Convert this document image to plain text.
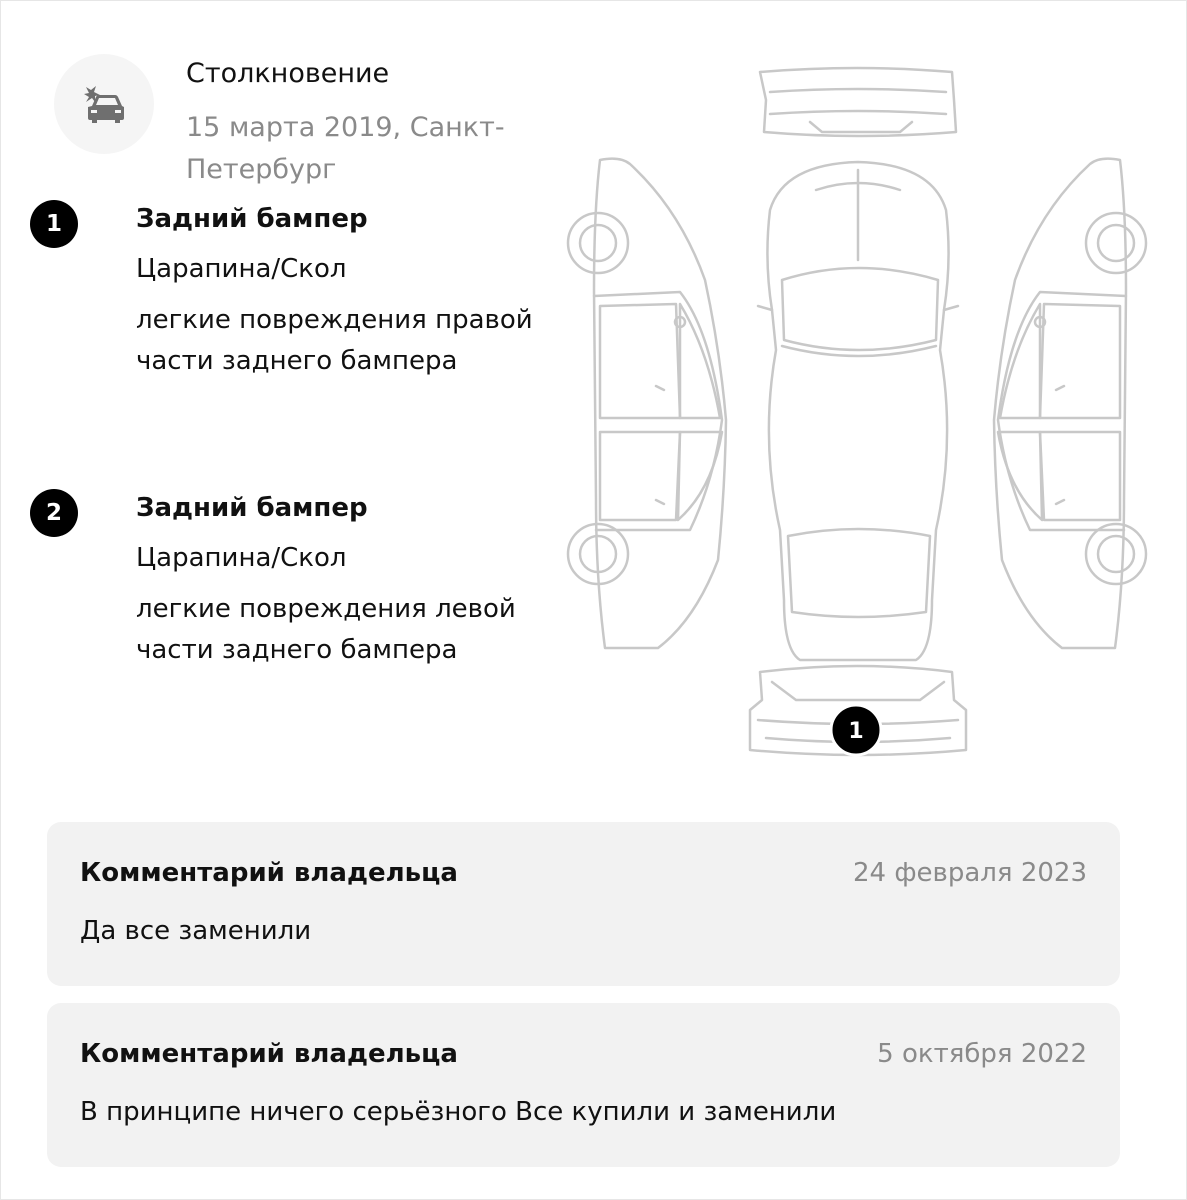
Столкновение
15 марта 2019, Санкт-Петербург
1	Задний бампер
Царапина/Скол
легкие повреждения правой части заднего бампера
2	Задний бампер
Царапина/Скол
легкие повреждения левой части заднего бампера
1
Комментарий владельца	24 февраля 2023
Да все заменили
Комментарий владельца	5 октября 2022
В принципе ничего серьёзного Все купили и заменили
